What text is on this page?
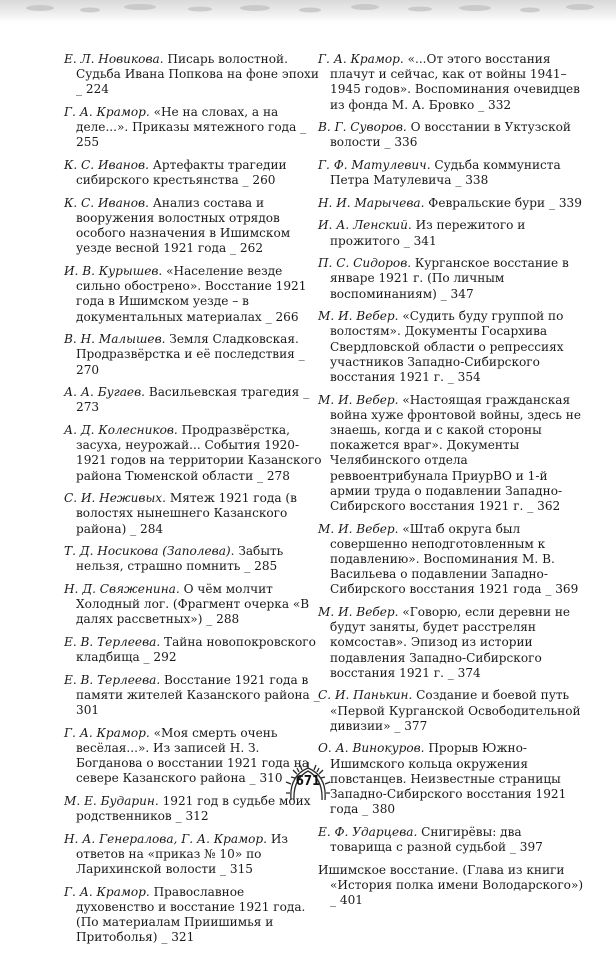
Е. Л. Новикова. Писарь волостной. Судьба Ивана Попкова на фоне эпохи _ 224

Г. А. Крамор. «Не на словах, а на деле...». Приказы мятежного года _ 255

К. С. Иванов. Артефакты трагедии сибирского крестьянства _ 260

К. С. Иванов. Анализ состава и вооружения волостных отрядов особого назначения в Ишимском уезде весной 1921 года _ 262

И. В. Курышев. «Население везде сильно обострено». Восстание 1921 года в Ишимском уезде – в документальных материалах _ 266

В. Н. Малышев. Земля Сладковская. Продразвёрстка и её последствия _ 270

А. А. Бугаев. Васильевская трагедия _ 273

А. Д. Колесников. Продразвёрстка, засуха, неурожай... События 1920-1921 годов на территории Казанского района Тюменской области _ 278

С. И. Неживых. Мятеж 1921 года (в волостях нынешнего Казанского района) _ 284

Т. Д. Носикова (Заполева). Забыть нельзя, страшно помнить _ 285

Н. Д. Свяженина. О чём молчит Холодный лог. (Фрагмент очерка «В далях рассветных») _ 288

Е. В. Терлеева. Тайна новопокровского кладбища _ 292

Е. В. Терлеева. Восстание 1921 года в памяти жителей Казанского района _ 301

Г. А. Крамор. «Моя смерть очень весёлая...». Из записей Н. З. Богданова о восстании 1921 года на севере Казанского района _ 310

М. Е. Бударин. 1921 год в судьбе моих родственников _ 312

Н. А. Генералова, Г. А. Крамор. Из ответов на «приказ № 10» по Ларихинской волости _ 315

Г. А. Крамор. Православное духовенство и восстание 1921 года. (По материалам Приишимья и Притоболья) _ 321

Г. А. Крамор. «...От этого восстания плачут и сейчас, как от войны 1941–1945 годов». Воспоминания очевидцев из фонда М. А. Бровко _ 332

В. Г. Суворов. О восстании в Уктузской волости _ 336

Г. Ф. Матулевич. Судьба коммуниста Петра Матулевича _ 338

Н. И. Марычева. Февральские бури _ 339

И. А. Ленский. Из пережитого и прожитого _ 341

П. С. Сидоров. Курганское восстание в январе 1921 г. (По личным воспоминаниям) _ 347

М. И. Вебер. «Судить буду группой по волостям». Документы Госархива Свердловской области о репрессиях участников Западно-Сибирского восстания 1921 г. _ 354

М. И. Вебер. «Настоящая гражданская война хуже фронтовой войны, здесь не знаешь, когда и с какой стороны покажется враг». Документы Челябинского отдела реввоентрибунала ПриурВО и 1-й армии труда о подавлении Западно-Сибирского восстания 1921 г. _ 362

М. И. Вебер. «Штаб округа был совершенно неподготовленным к подавлению». Воспоминания М. В. Васильева о подавлении Западно-Сибирского восстания 1921 года _ 369

М. И. Вебер. «Говорю, если деревни не будут заняты, будет расстрелян комсостав». Эпизод из истории подавления Западно-Сибирского восстания 1921 г. _ 374

С. И. Панькин. Создание и боевой путь «Первой Курганской Освободительной дивизии» _ 377

О. А. Винокуров. Прорыв Южно-Ишимского кольца окружения повстанцев. Неизвестные страницы Западно-Сибирского восстания 1921 года _ 380

Е. Ф. Ударцева. Снигирёвы: два товарища с разной судьбой _ 397

Ишимское восстание. (Глава из книги «История полка имени Володарского») _ 401

671
